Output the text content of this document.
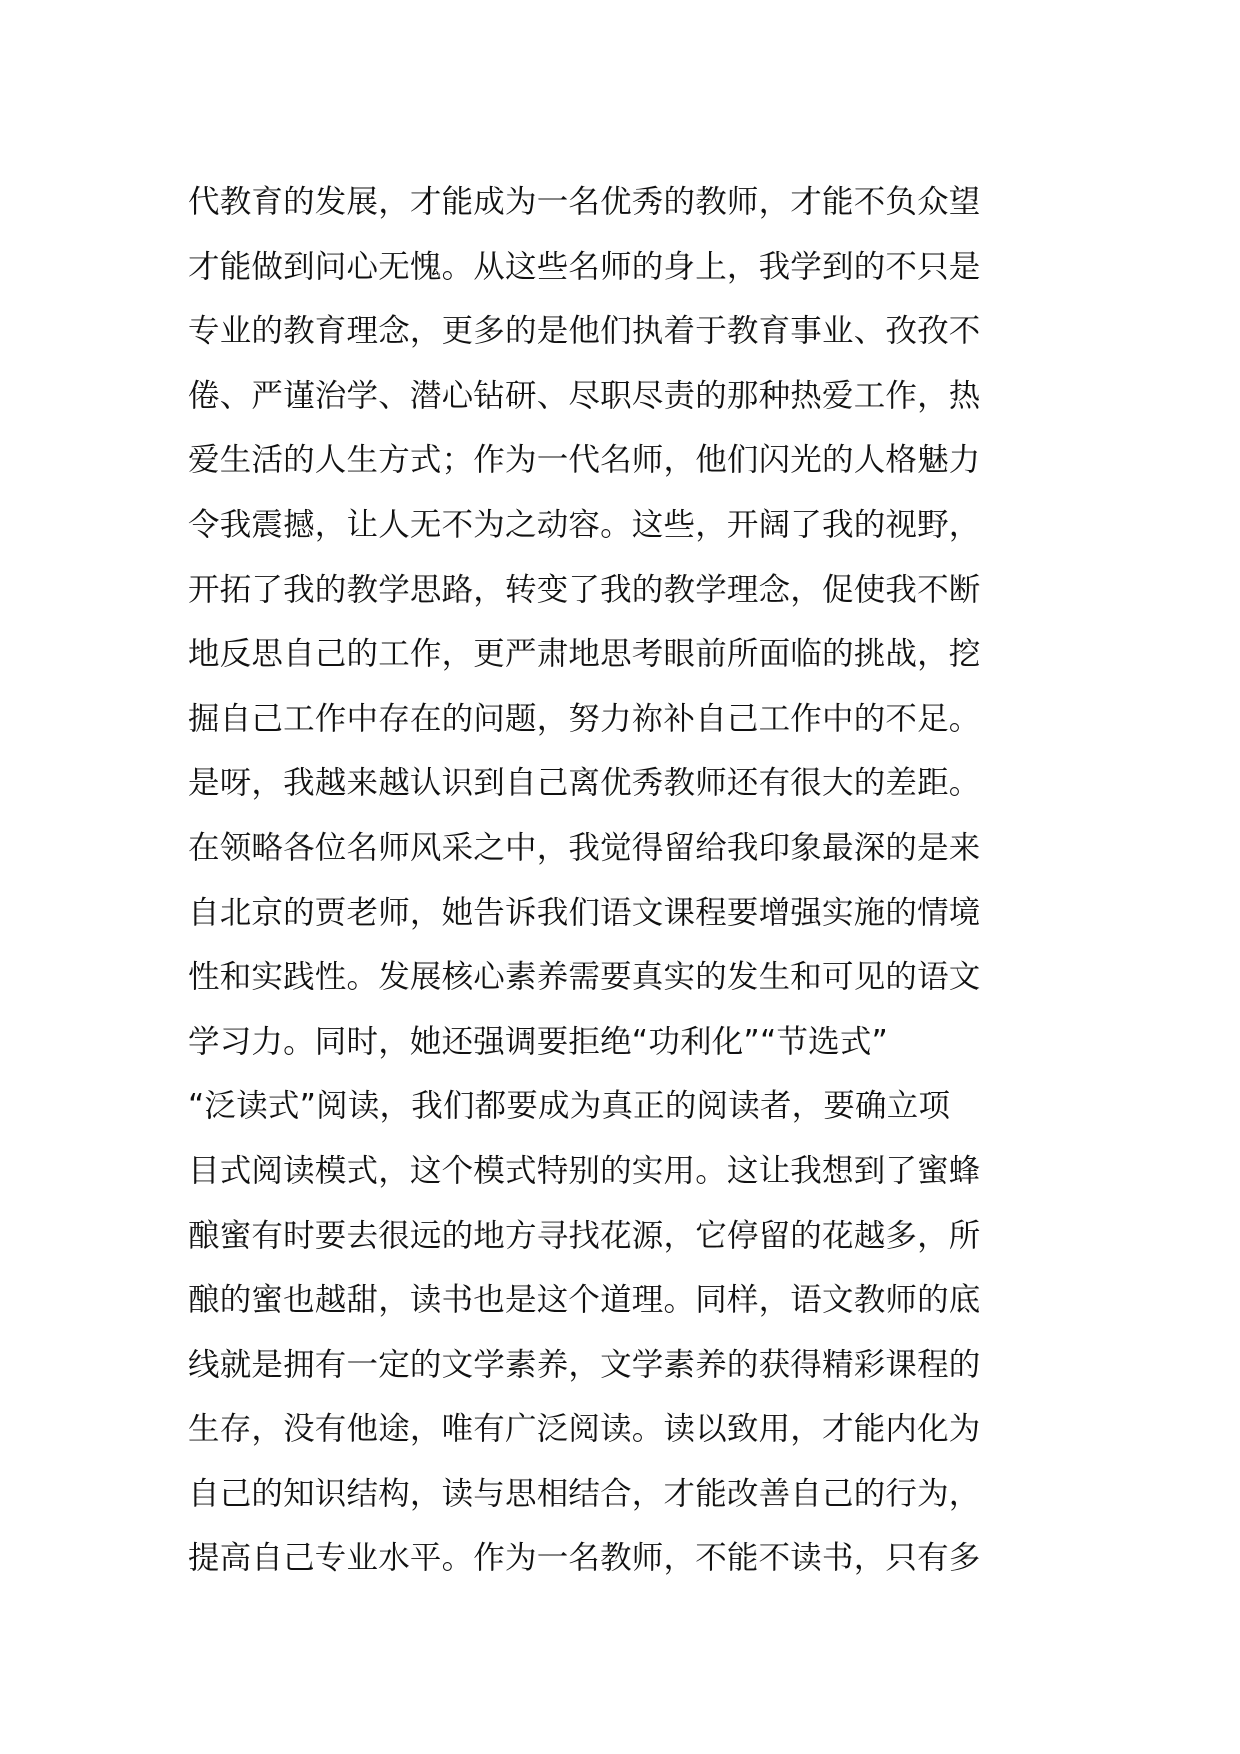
代教育的发展，才能成为一名优秀的教师，才能不负众望
才能做到问心无愧。从这些名师的身上，我学到的不只是
专业的教育理念，更多的是他们执着于教育事业、孜孜不
倦、严谨治学、潜心钻研、尽职尽责的那种热爱工作，热
爱生活的人生方式；作为一代名师，他们闪光的人格魅力
令我震撼，让人无不为之动容。这些，开阔了我的视野，
开拓了我的教学思路，转变了我的教学理念，促使我不断
地反思自己的工作，更严肃地思考眼前所面临的挑战，挖
掘自己工作中存在的问题，努力祢补自己工作中的不足。
是呀，我越来越认识到自己离优秀教师还有很大的差距。
在领略各位名师风采之中，我觉得留给我印象最深的是来
自北京的贾老师，她告诉我们语文课程要增强实施的情境
性和实践性。发展核心素养需要真实的发生和可见的语文
学习力。同时，她还强调要拒绝“功利化”“节选式”
“泛读式”阅读，我们都要成为真正的阅读者，要确立项
目式阅读模式，这个模式特别的实用。这让我想到了蜜蜂
酿蜜有时要去很远的地方寻找花源，它停留的花越多，所
酿的蜜也越甜，读书也是这个道理。同样，语文教师的底
线就是拥有一定的文学素养，文学素养的获得精彩课程的
生存，没有他途，唯有广泛阅读。读以致用，才能内化为
自己的知识结构，读与思相结合，才能改善自己的行为，
提高自己专业水平。作为一名教师，不能不读书，只有多
